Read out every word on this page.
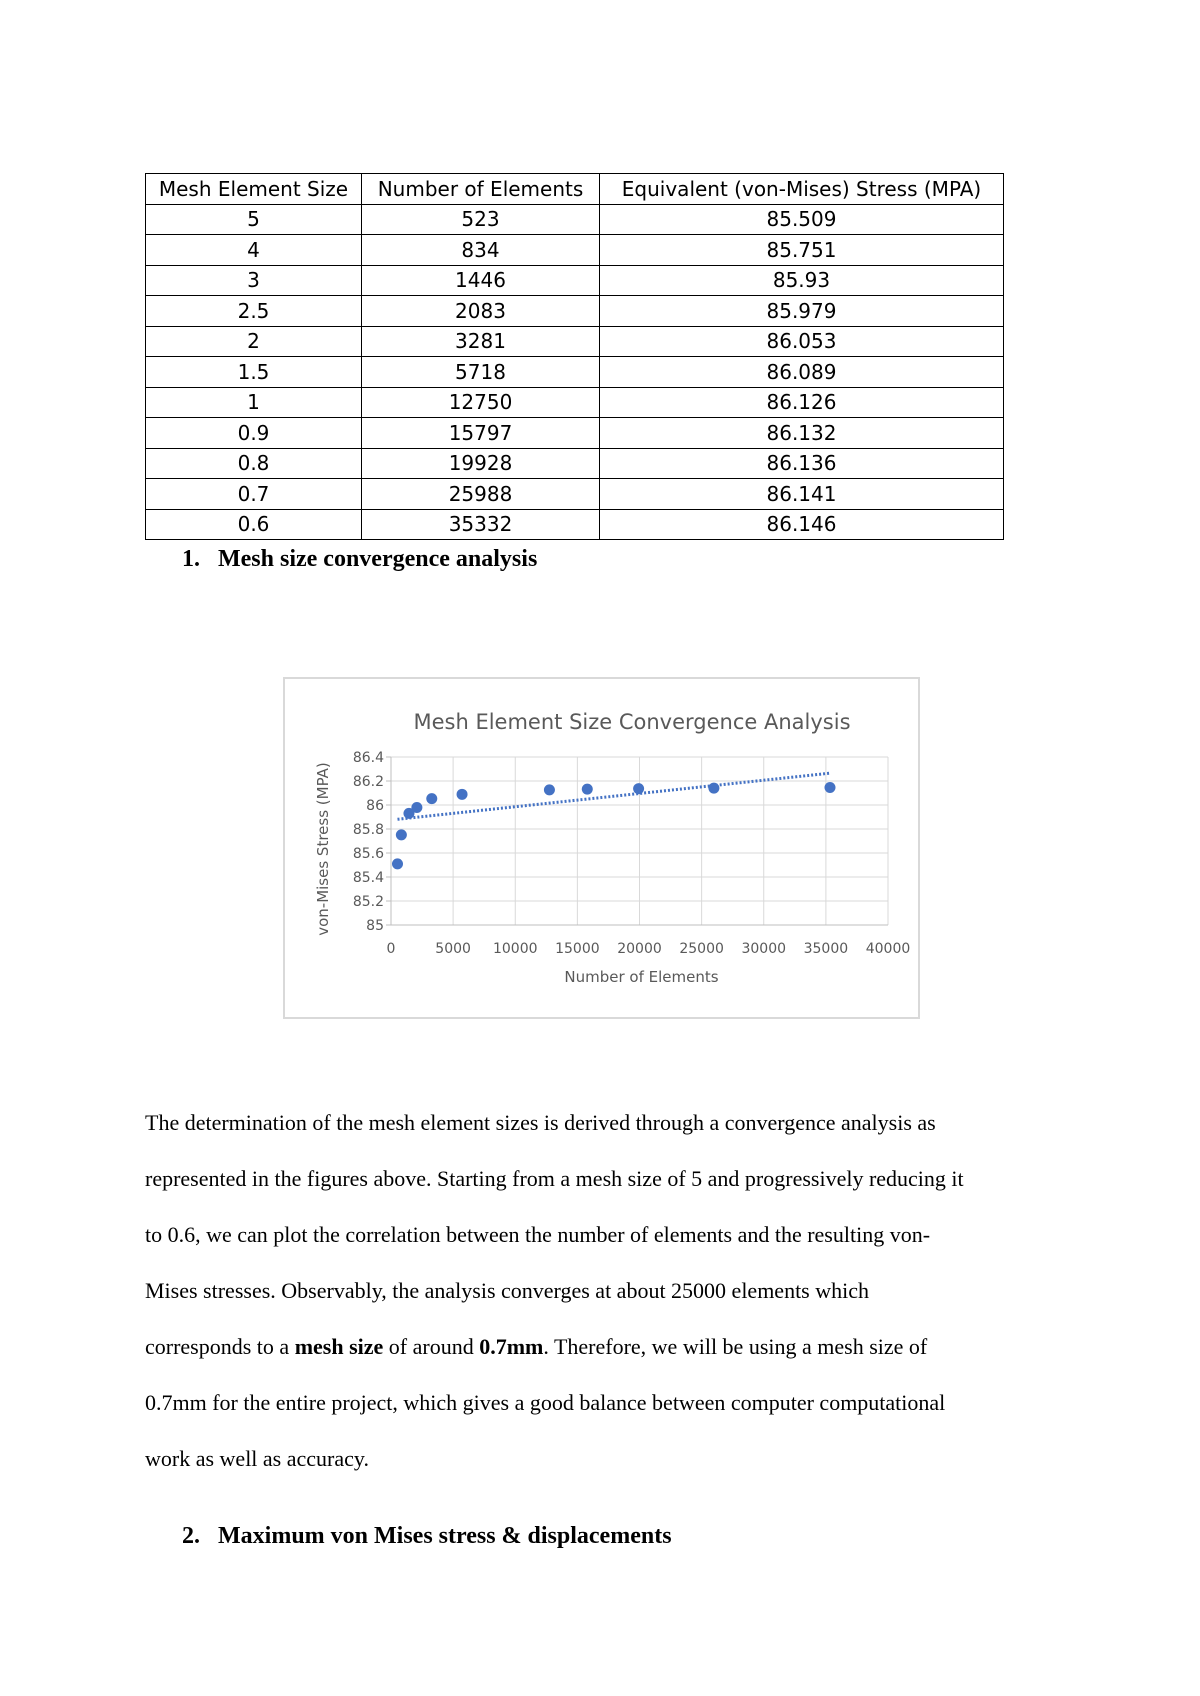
Mesh Element Size	Number of Elements	Equivalent (von-Mises) Stress (MPA)
5	523	85.509
4	834	85.751
3	1446	85.93
2.5	2083	85.979
2	3281	86.053
1.5	5718	86.089
1	12750	86.126
0.9	15797	86.132
0.8	19928	86.136
0.7	25988	86.141
0.6	35332	86.146
1. Mesh size convergence analysis
Mesh Element Size Convergence Analysis
0	5000 10000 15000 20000 25000 30000 35000 40000
85
85.2
85.4
85.6
85.8
86
86.2
86.4
Number of Elements
von-Mises Stress (MPA)

The determination of the mesh element sizes is derived through a convergence analysis as

represented in the figures above. Starting from a mesh size of 5 and progressively reducing it

to 0.6, we can plot the correlation between the number of elements and the resulting von-

Mises stresses. Observably, the analysis converges at about 25000 elements which

corresponds to a mesh size of around 0.7mm. Therefore, we will be using a mesh size of

0.7mm for the entire project, which gives a good balance between computer computational

work as well as accuracy.

2. Maximum von Mises stress & displacements
